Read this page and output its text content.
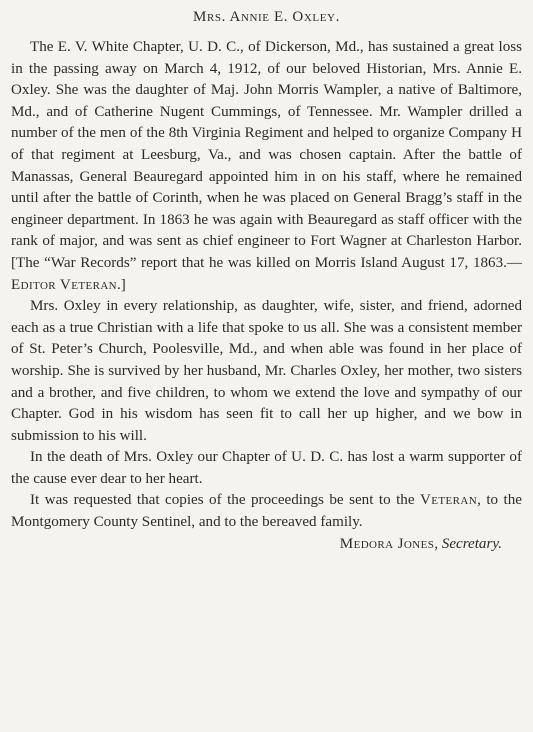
Mrs. Annie E. Oxley.

The E. V. White Chapter, U. D. C., of Dickerson, Md., has sustained a great loss in the passing away on March 4, 1912, of our beloved Historian, Mrs. Annie E. Oxley. She was the daughter of Maj. John Morris Wampler, a native of Baltimore, Md., and of Catherine Nugent Cummings, of Tennessee. Mr. Wampler drilled a number of the men of the 8th Virginia Regiment and helped to organize Company H of that regiment at Leesburg, Va., and was chosen captain. After the battle of Manassas, General Beauregard appointed him in on his staff, where he remained until after the battle of Corinth, when he was placed on General Bragg’s staff in the engineer department. In 1863 he was again with Beauregard as staff officer with the rank of major, and was sent as chief engineer to Fort Wagner at Charleston Harbor. [The “War Records” report that he was killed on Morris Island August 17, 1863.—Editor Veteran.]

Mrs. Oxley in every relationship, as daughter, wife, sister, and friend, adorned each as a true Christian with a life that spoke to us all. She was a consistent member of St. Peter’s Church, Poolesville, Md., and when able was found in her place of worship. She is survived by her husband, Mr. Charles Oxley, her mother, two sisters and a brother, and five children, to whom we extend the love and sympathy of our Chapter. God in his wisdom has seen fit to call her up higher, and we bow in submission to his will.

In the death of Mrs. Oxley our Chapter of U. D. C. has lost a warm supporter of the cause ever dear to her heart.

It was requested that copies of the proceedings be sent to the Veteran, to the Montgomery County Sentinel, and to the bereaved family.
Medora Jones, Secretary.
